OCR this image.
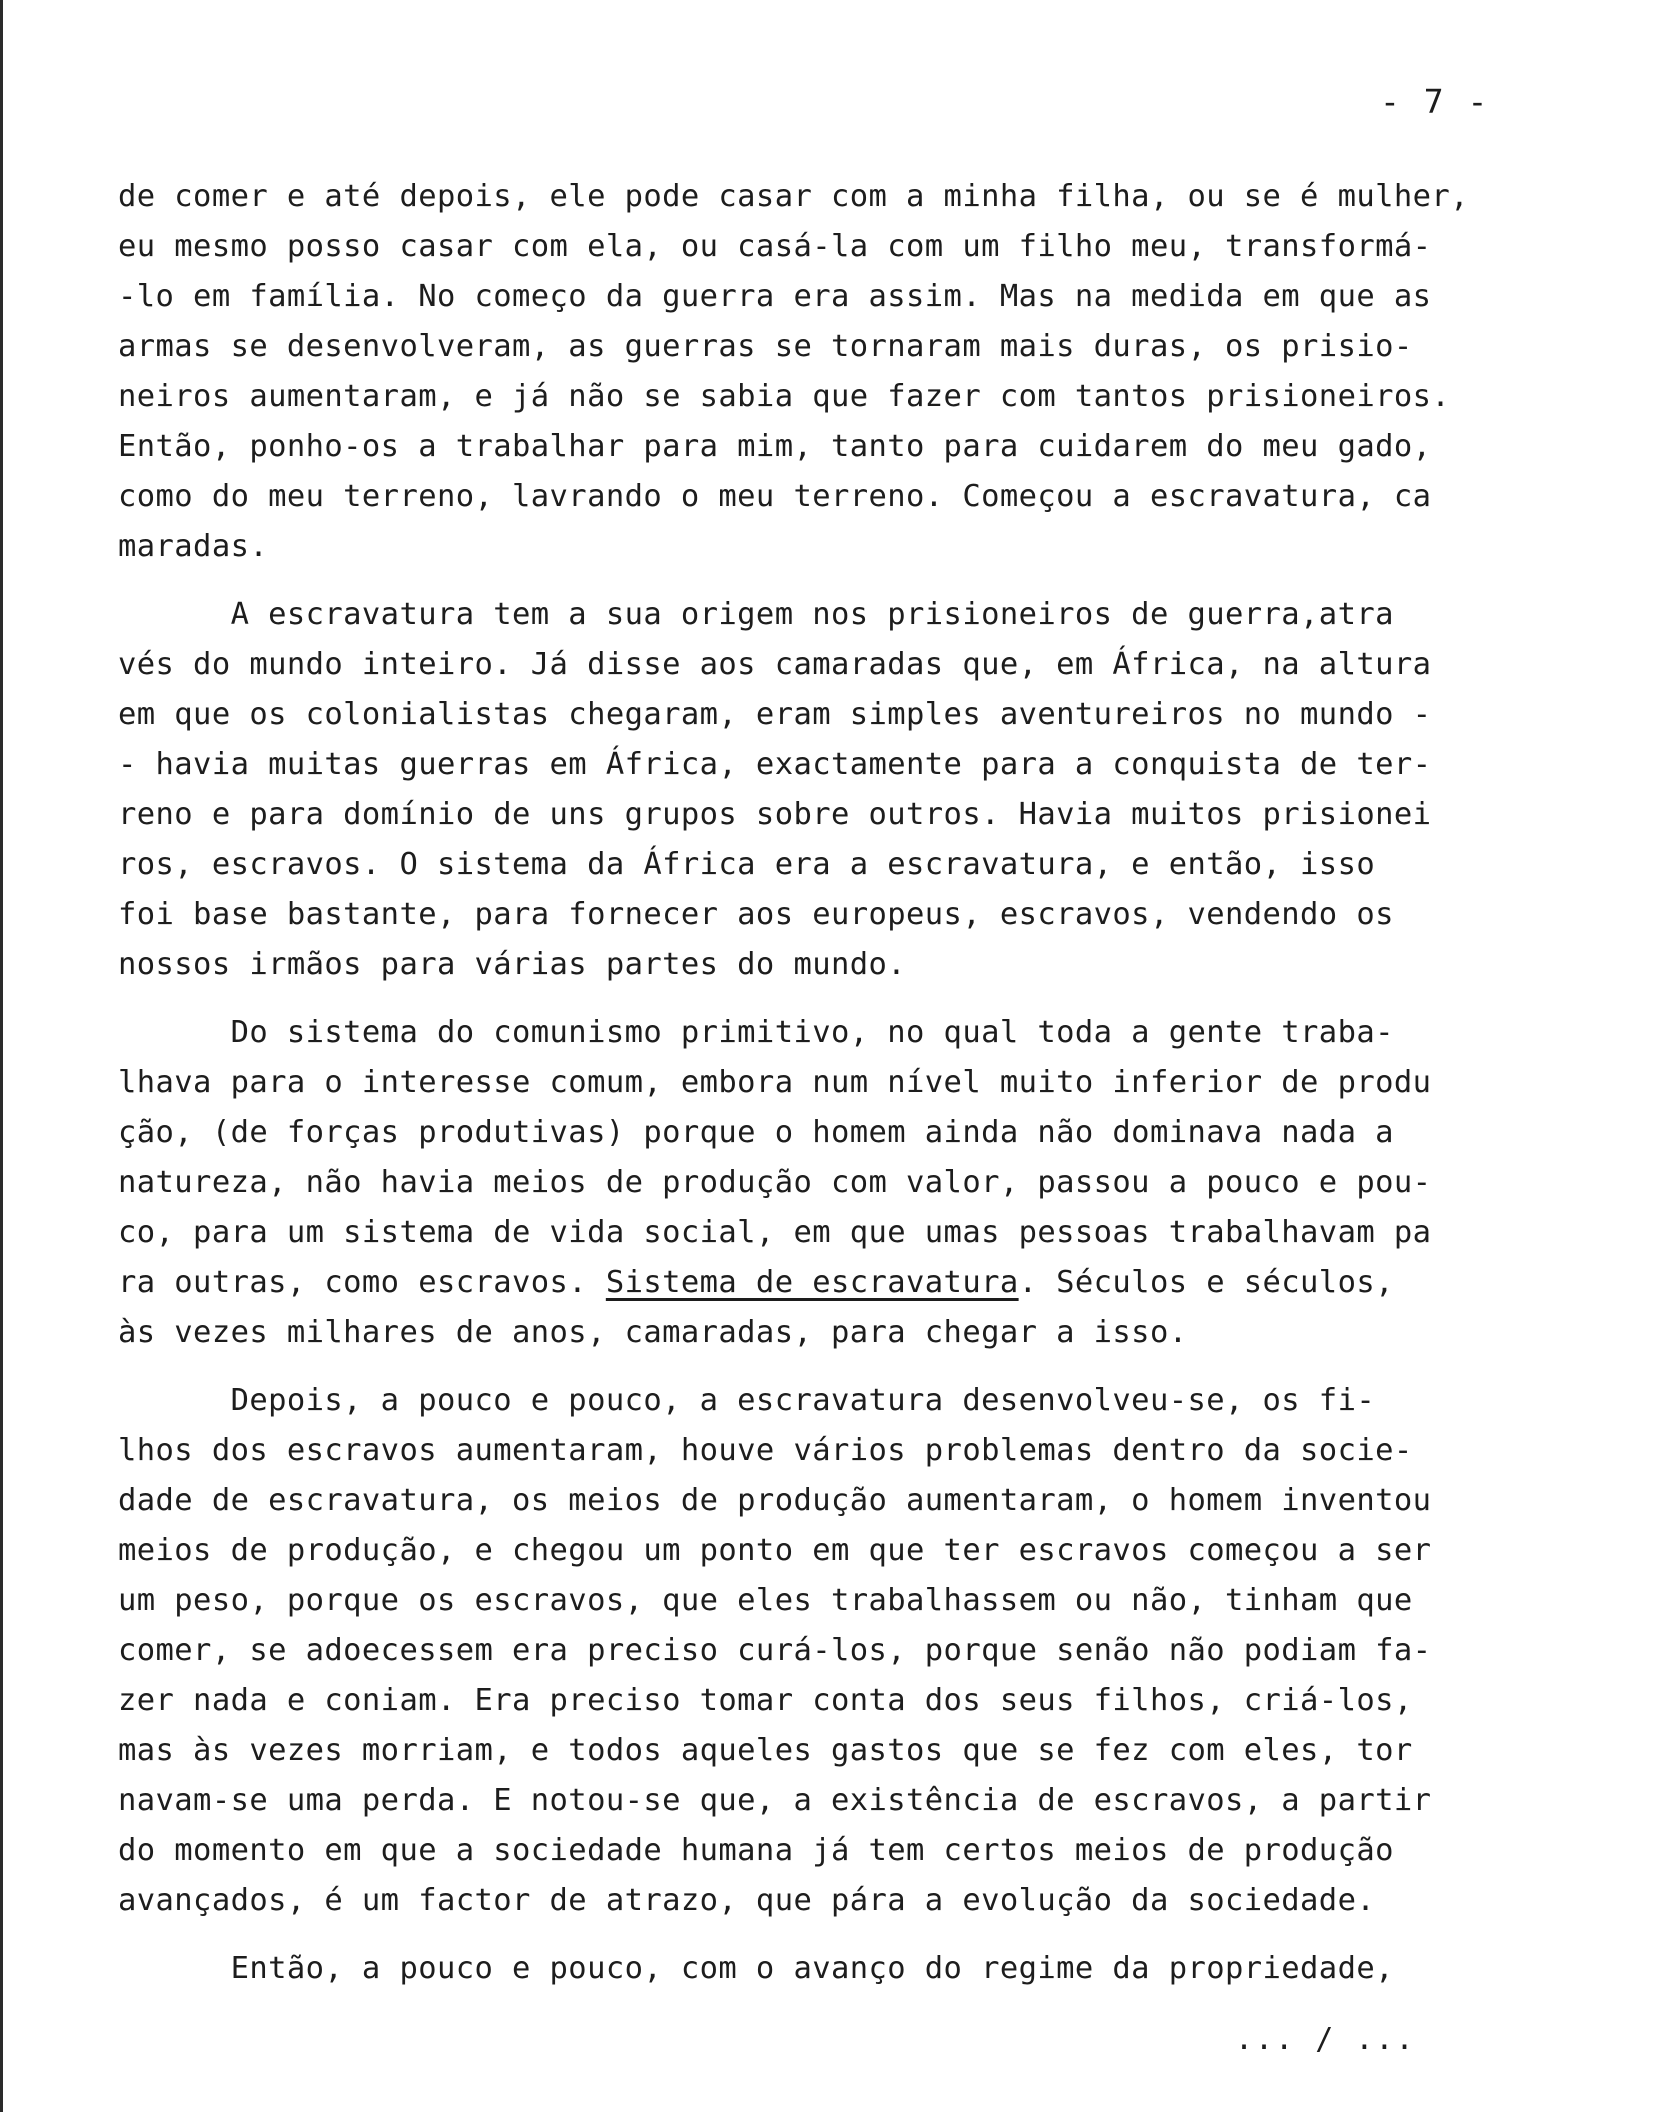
- 7 -
de comer e até depois, ele pode casar com a minha filha, ou se é mulher,
eu mesmo posso casar com ela, ou casá-la com um filho meu, transformá-
-lo em família. No começo da guerra era assim. Mas na medida em que as
armas se desenvolveram, as guerras se tornaram mais duras, os prisio-
neiros aumentaram, e já não se sabia que fazer com tantos prisioneiros.
Então, ponho-os a trabalhar para mim, tanto para cuidarem do meu gado,
como do meu terreno, lavrando o meu terreno. Começou a escravatura, ca
maradas.
A escravatura tem a sua origem nos prisioneiros de guerra,atra
vés do mundo inteiro. Já disse aos camaradas que, em África, na altura
em que os colonialistas chegaram, eram simples aventureiros no mundo -
- havia muitas guerras em África, exactamente para a conquista de ter-
reno e para domínio de uns grupos sobre outros. Havia muitos prisionei
ros, escravos. O sistema da África era a escravatura, e então, isso
foi base bastante, para fornecer aos europeus, escravos, vendendo os
nossos irmãos para várias partes do mundo.
Do sistema do comunismo primitivo, no qual toda a gente traba-
lhava para o interesse comum, embora num nível muito inferior de produ
ção, (de forças produtivas) porque o homem ainda não dominava nada a
natureza, não havia meios de produção com valor, passou a pouco e pou-
co, para um sistema de vida social, em que umas pessoas trabalhavam pa
ra outras, como escravos. Sistema de escravatura. Séculos e séculos,
às vezes milhares de anos, camaradas, para chegar a isso.
Depois, a pouco e pouco, a escravatura desenvolveu-se, os fi-
lhos dos escravos aumentaram, houve vários problemas dentro da socie-
dade de escravatura, os meios de produção aumentaram, o homem inventou
meios de produção, e chegou um ponto em que ter escravos começou a ser
um peso, porque os escravos, que eles trabalhassem ou não, tinham que
comer, se adoecessem era preciso curá-los, porque senão não podiam fa-
zer nada e coniam. Era preciso tomar conta dos seus filhos, criá-los,
mas às vezes morriam, e todos aqueles gastos que se fez com eles, tor
navam-se uma perda. E notou-se que, a existência de escravos, a partir
do momento em que a sociedade humana já tem certos meios de produção
avançados, é um factor de atrazo, que pára a evolução da sociedade.
Então, a pouco e pouco, com o avanço do regime da propriedade,
... / ...
